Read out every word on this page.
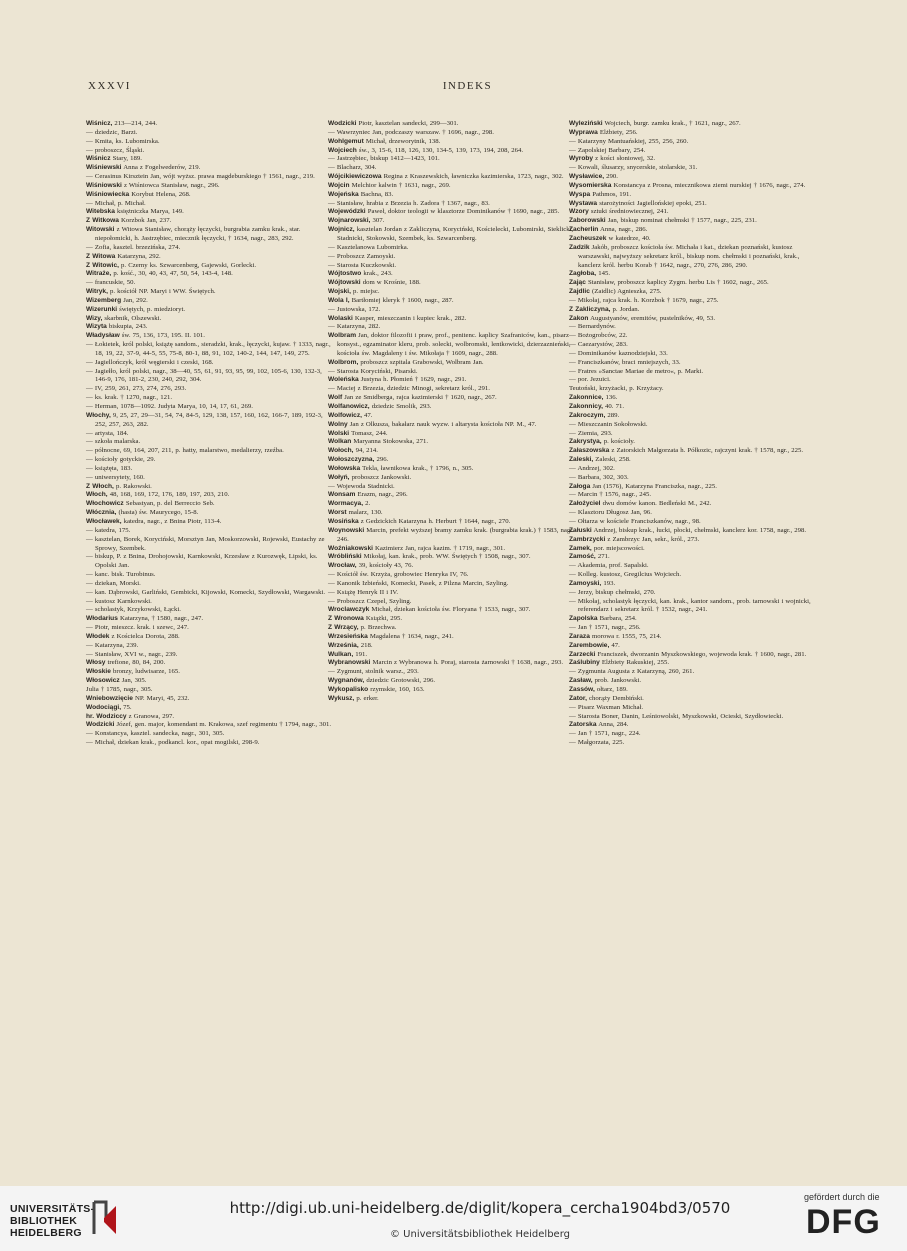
XXXVI	INDEKS
Wiśnicz, 213—214, 244.
— dziedzic, Barzi.
— Kmita, ks. Lubomirska.
— proboszcz, Śląski.
Wiśnicz Stary, 189.
Wiśniewski Anna z Fogelwederów, 219.
— Cerasinus Kirsztein Jan, wójt wyższ. prawa magdeburskiego † 1561, nagr., 219.
Wiśniowski z Wiśniowca Stanisław, nagr., 296.
Wiśniowiecka Korybut Helena, 268.
— Michał, p. Michał.
Witebska księżniczka Marya, 149.
Z Witkowa Korzbok Jan, 237.
Witowski z Witowa Stanisław, chorąży łęczycki, burgrabia zamku krak., star. niepołomicki, h. Jastrzębiec, miecznik łęczycki, † 1634, nagr., 283, 292.
— Zofia, kasztel. brzezińska, 274.
Z Witowa Katarzyna, 292.
Z Witowic, p. Czerny ks. Szwarcenberg, Gajewski, Gorlecki.
Witraże, p. kość., 30, 40, 43, 47, 50, 54, 143-4, 148.
— francuskie, 50.
Witryk, p. kościół NP. Maryi i WW. Świętych.
Wizemberg Jan, 292.
Wizerunki świętych, p. miedzioryt.
Wizy, skarbnik, Olszewski.
Wizyta biskupia, 243.
Władysław św. 75, 136, 173, 195. II. 101.
— Łokietek, król polski, książę sandom., sieradzki, krak., łęczycki, kujaw. † 1333, nagr., 18, 19, 22, 37-9, 44-5, 55, 75-8, 80-1, 88, 91, 102, 140-2, 144, 147, 149, 275.
— Jagiellończyk, król węgierski i czeski, 168.
— Jagiełło, król polski, nagr., 38—40, 55, 61, 91, 93, 95, 99, 102, 105-6, 130, 132-3, 146-9, 176, 181-2, 230, 240, 292, 304.
— IV, 259, 261, 273, 274, 276, 293.
— ks. krak. † 1270, nagr., 121.
— Herman, 1078—1092. Judyta Marya, 10, 14, 17, 61, 269.
Włochy, 9, 25, 27, 29—31, 54, 74, 84-5, 129, 138, 157, 160, 162, 166-7, 189, 192-3, 252, 257, 263, 282.
— artysta, 184.
— szkoła malarska.
— północne, 69, 164, 207, 211, p. hatty, malarstwo, medalierzy, rzeźba.
— kościoły gotyckie, 29.
— książęta, 183.
— uniwersytety, 160.
Z Włoch, p. Rakowski.
Włoch, 48, 168, 169, 172, 176, 189, 197, 203, 210.
Włochowicz Sebastyan, p. del Berreccio Seb.
Włócznia, (hasta) św. Maurycego, 15-8.
Włocławek, katedra, nagr., z Bnina Piotr, 113-4.
— katedra, 175.
— kasztelan, Borek, Koryciński, Morsztyn Jan, Moskorzowski, Rojewski, Eustachy ze Sprowy, Szembek.
— biskup, P. z Bnina, Drohojowski, Karnkowski, Krzesław z Kurozwęk, Lipski, ks. Opolski Jan.
— kanc. bisk. Turobinus.
— dziekan, Morski.
— kan. Dąbrowski, Garliński, Gembicki, Kijowski, Komecki, Szydłowski, Wargawski.
— kustosz Karnkowski.
— scholastyk, Krzykowski, Łącki.
Włodarius Katarzyna, † 1580, nagr., 247.
— Piotr, mieszcz. krak. i szewc, 247.
Włodek z Kościelca Dorota, 288.
— Katarzyna, 239.
— Stanisław, XVI w., nagr., 239.
Włosy trefione, 80, 84, 200.
Włoskie bronzy, ludwisarze, 165.
Włosowicz Jan, 305.
Julia † 1785, nagr., 305.
Wniebowzięcie NP. Maryi, 45, 232.
Wodociągi, 75.
hr. Wodziccy z Granowa, 297.
Wodzicki Józef, gen. major, komendant m. Krakowa, szef regimentu † 1794, nagr., 301.
— Konstancya, kasztel. sandecka, nagr., 301, 305.
— Michał, dziekan krak., podkancl. kor., opat mogilski, 298-9.
Wodzicki Piotr, kasztelan sandecki, 299—301.
— Wawrzyniec Jan, podczaszy warszaw. † 1696, nagr., 298.
Wohlgemut Michał, drzeworytnik, 138.
Wojciech św., 3, 15-6, 118, 126, 130, 134-5, 139, 173, 194, 208, 264.
— Jastrzębiec, biskup 1412—1423, 101.
— Blacharz, 304.
Wójcikiewiczowa Regina z Kraszewskich, ławniczka kazimierska, 1723, nagr., 302.
Wojcin Melchior kalwin † 1631, nagr., 269.
Wojeńska Bachna, 83.
— Stanisław, hrabia z Brzezia h. Zadora † 1367, nagr., 83.
Wojewódzki Paweł, doktor teologii w klasztorze Dominikanów † 1690, nagr., 285.
Wojnarowski, 307.
Wojnicz, kasztelan Jordan z Zakliczyna, Koryciński, Kościelecki, Lubomirski, Sieklicki, Stadnicki, Stokowski, Szembek, ks. Szwarcenberg.
— Kasztelanowa Lubomirka.
— Proboszcz Zamoyski.
— Starosta Kuczkowski.
Wójtostwo krak., 243.
Wójtowski dom w Krośnie, 188.
Wojski, p. miejsc.
Wola I, Bartłomiej kleryk † 1600, nagr., 287.
— Justowska, 172.
Wolaski Kasper, mieszczanin i kupiec krak., 282.
— Katarzyna, 282.
Wolbram Jan, doktor filozofii i praw, prof., penitenc. kaplicy Szafraniców, kan., pisarz konsyst., egzaminator kleru, prob. solecki, wolbromski, lentkowicki, dzierzaznieński, kościoła św. Magdaleny i św. Mikołaja † 1609, nagr., 288.
Wolbrom, proboszcz szpitala Grabowski, Wolbram Jan.
— Starosta Koryciński, Pisarski.
Woleńska Justyna h. Płomień † 1629, nagr., 291.
— Maciej z Brzezia, dziedzic Minogi, sekretarz król., 291.
Wolf Jan ze Smidberga, rajca kazimierski † 1620, nagr., 267.
Wolfanowicz, dziedzic Smolik, 293.
Wolfowicz, 47.
Wolny Jan z Olkusza, bakałarz nauk wyzw. i altarysta kościoła NP. M., 47.
Wolski Tomasz, 244.
Wolkan Maryanna Stokowska, 271.
Wołoch, 94, 214.
Wołoszczyzna, 296.
Wołowska Tekla, ławnikowa krak., † 1796, n., 305.
Wołyń, proboszcz Jankowski.
— Wojewoda Stadnicki.
Wonsam Erazm, nagr., 296.
Wormacya, 2.
Worst malarz, 130.
Wosińska z Gedzickich Katarzyna h. Herburt † 1644, nagr., 270.
Woynowski Marcin, prefekt wyższej bramy zamku krak. (burgrabia krak.) † 1583, nagr. 246.
Woźniakowski Kazimierz Jan, rajca kazim. † 1719, nagr., 301.
Wróbliński Mikołaj, kan. krak., prob. WW. Świętych † 1508, nagr., 307.
Wrocław, 39, kościoły 43, 76.
— Kościół św. Krzyża, grobowiec Henryka IV, 76.
— Kanonik Izbieński, Komecki, Pasek, z Pilzna Marcin, Szyling.
— Książę Henryk II i IV.
— Proboszcz Czepel, Szyling.
Wroclawczyk Michał, dziekan kościoła św. Floryana † 1533, nagr., 307.
Z Wronowa Książki, 295.
Z Wrzący, p. Brzechwa.
Wrzesieńska Magdalena † 1634, nagr., 241.
Września, 218.
Wulkan, 191.
Wybranowski Marcin z Wybranowa h. Poraj, starosta żarnowski † 1638, nagr., 293.
— Zygmunt, stolnik warsz., 293.
Wygnanów, dziedzic Grotowski, 296.
Wykopalisko rzymskie, 160, 163.
Wykusz, p. erker.
Wyleziński Wojciech, burgr. zamku krak., † 1621, nagr., 267.
Wyprawa Elżbiety, 256.
— Katarzyny Mantuańskiej, 255, 256, 260.
— Zapolskiej Barbary, 254.
Wyroby z kości słoniowej, 32.
— Kowali, ślusarzy, snycerskie, stolarskie, 31.
Wysławice, 290.
Wysomierska Konstancya z Prosna, miecznikowa ziemi nurskiej † 1676, nagr., 274.
Wyspa Pathmos, 191.
Wystawa starożytności Jagiellońskiej epoki, 251.
Wzory sztuki średniowiecznej, 241.
Zaborowski Jan, biskup nominat chełmski † 1577, nagr., 225, 231.
Zacherlin Anna, nagr., 286.
Zacheuszek w katedrze, 40.
Zadzik Jakób, proboszcz kościoła św. Michała i kat., dziekan poznański, kustosz warszawski, najwyższy sekretarz król., biskup nom. chełmski i poznański, krak., kanclerz król. herbu Korab † 1642, nagr., 270, 276, 286, 290.
Zagłoba, 145.
Zając Stanisław, proboszcz kaplicy Zygm. herbu Lis † 1602, nagr., 265.
Zajdlic (Zaidlic) Agnieszka, 275.
— Mikołaj, rajca krak. h. Korzbok † 1679, nagr., 275.
Z Zakliczyna, p. Jordan.
Zakon Augustyanów, eremitów, pustelników, 49, 53.
— Bernardynów.
— Bożogrobców, 22.
— Caezarystów, 283.
— Dominikanów kaznodziejski, 33.
— Franciszkanów, braci mniejszych, 33.
— Fratres »Sanctae Mariae de metro«, p. Marki.
— por. Jezuici.
Teutoński, krzyżacki, p. Krzyżacy.
Zakonnice, 136.
Zakonnicy, 40. 71.
Zakroczym, 289.
— Mieszczanin Sokołowski.
— Ziemia, 293.
Zakrystya, p. kościoły.
Załaszowska z Zatorskich Małgorzata h. Półkozic, rajczyni krak. † 1578, ngr., 225.
Zaleski, Zaleski, 258.
— Andrzej, 302.
— Barbara, 302, 303.
Załoga Jan (1576), Katarzyna Franciszka, nagr., 225.
— Marcin † 1576, nagr., 245.
Założyciel dwu domów kanon. Bedleński M., 242.
— Klasztoru Długosz Jan, 96.
— Ołtarza w kościele Franciszkanów, nagr., 98.
Załuski Andrzej, biskup krak., łucki, płocki, chełmski, kanclerz kor. 1758, nagr., 298.
Zambrzycki z Zambrzyc Jan, sekr., król., 273.
Zamek, por. miejscowości.
Zamość, 271.
— Akademia, prof. Sapalski.
— Kolleg. kustosz, Gregilcius Wojciech.
Zamoyski, 193.
— Jerzy, biskup chełmski, 270.
— Mikołaj, scholastyk łęczycki, kan. krak., kantor sandom., prob. tarnowski i wojnicki, referendarz i sekretarz król. † 1532, nagr., 241.
Zapolska Barbara, 254.
— Jan † 1571, nagr., 256.
Zaraza morowa r. 1555, 75, 214.
Zarembowie, 47.
Zarzecki Franciszek, dworzanin Myszkowskiego, wojewoda krak. † 1600, nagr., 281.
Zaślubiny Elżbiety Rakuskiej, 255.
— Zygmunta Augusta z Katarzyną, 260, 261.
Zasław, prob. Jankowski.
Zassów, ołtarz, 189.
Zator, chorąży Dembiński.
— Pisarz Waxman Michał.
— Starosta Boner, Danin, Leśniowolski, Myszkowski, Ocieski, Szydłowiecki.
Zatorska Anna, 284.
— Jan † 1571, nagr., 224.
— Małgorzata, 225.
UNIVERSITÄTS-
BIBLIOTHEK
HEIDELBERG
http://digi.ub.uni-heidelberg.de/diglit/kopera_cercha1904bd3/0570
© Universitätsbibliothek Heidelberg
gefördert durch die
DFG
